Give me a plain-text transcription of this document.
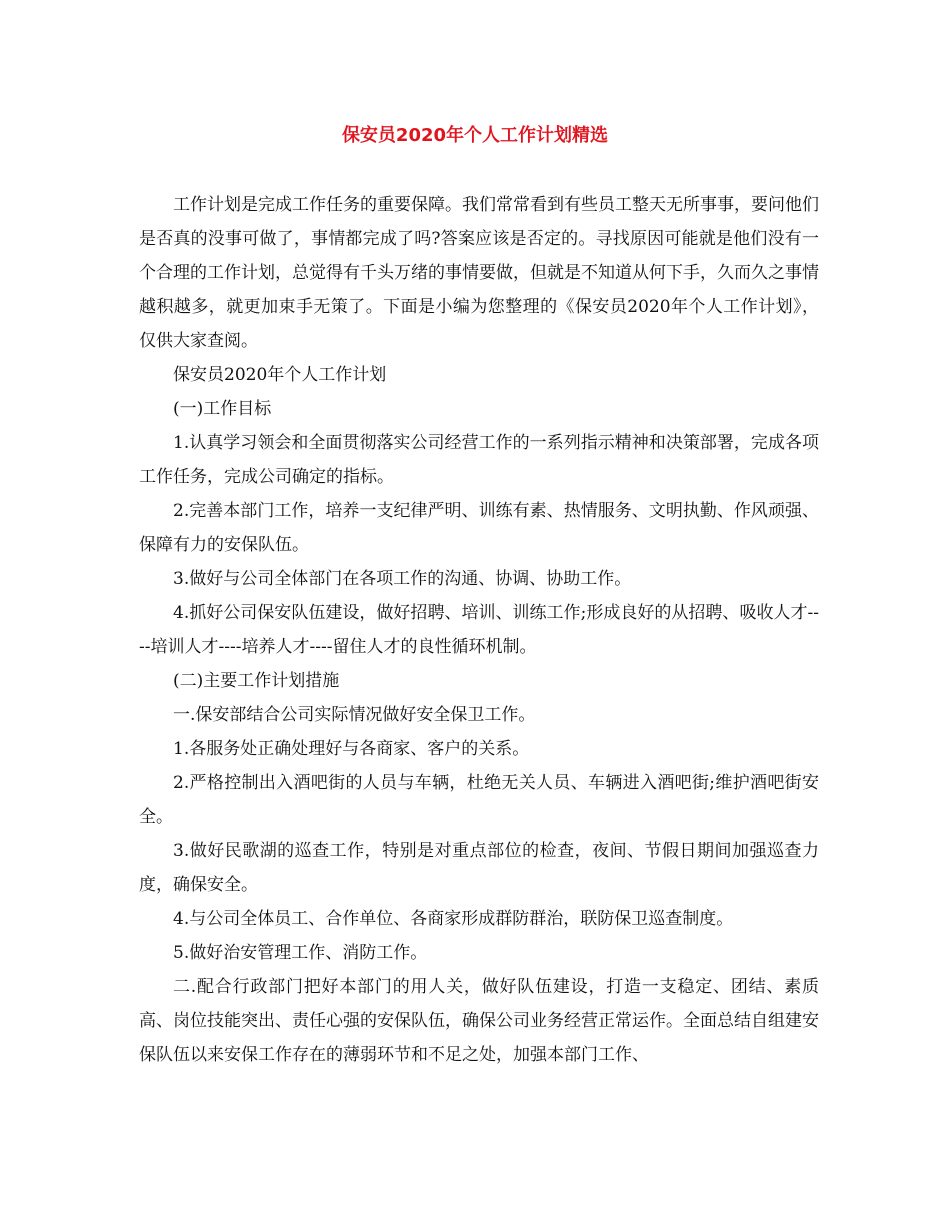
保安员2020年个人工作计划精选

工作计划是完成工作任务的重要保障。我们常常看到有些员工整天无所事事，要问他们是否真的没事可做了，事情都完成了吗?答案应该是否定的。寻找原因可能就是他们没有一个合理的工作计划，总觉得有千头万绪的事情要做，但就是不知道从何下手，久而久之事情越积越多，就更加束手无策了。下面是小编为您整理的《保安员2020年个人工作计划》，仅供大家查阅。

保安员2020年个人工作计划

(一)工作目标

1.认真学习领会和全面贯彻落实公司经营工作的一系列指示精神和决策部署，完成各项工作任务，完成公司确定的指标。

2.完善本部门工作，培养一支纪律严明、训练有素、热情服务、文明执勤、作风顽强、保障有力的安保队伍。

3.做好与公司全体部门在各项工作的沟通、协调、协助工作。

4.抓好公司保安队伍建设，做好招聘、培训、训练工作;形成良好的从招聘、吸收人才----培训人才----培养人才----留住人才的良性循环机制。

(二)主要工作计划措施

一.保安部结合公司实际情况做好安全保卫工作。

1.各服务处正确处理好与各商家、客户的关系。

2.严格控制出入酒吧街的人员与车辆，杜绝无关人员、车辆进入酒吧街;维护酒吧街安全。

3.做好民歌湖的巡查工作，特别是对重点部位的检查，夜间、节假日期间加强巡查力度，确保安全。

4.与公司全体员工、合作单位、各商家形成群防群治，联防保卫巡查制度。

5.做好治安管理工作、消防工作。

二.配合行政部门把好本部门的用人关，做好队伍建设，打造一支稳定、团结、素质高、岗位技能突出、责任心强的安保队伍，确保公司业务经营正常运作。全面总结自组建安保队伍以来安保工作存在的薄弱环节和不足之处，加强本部门工作、
